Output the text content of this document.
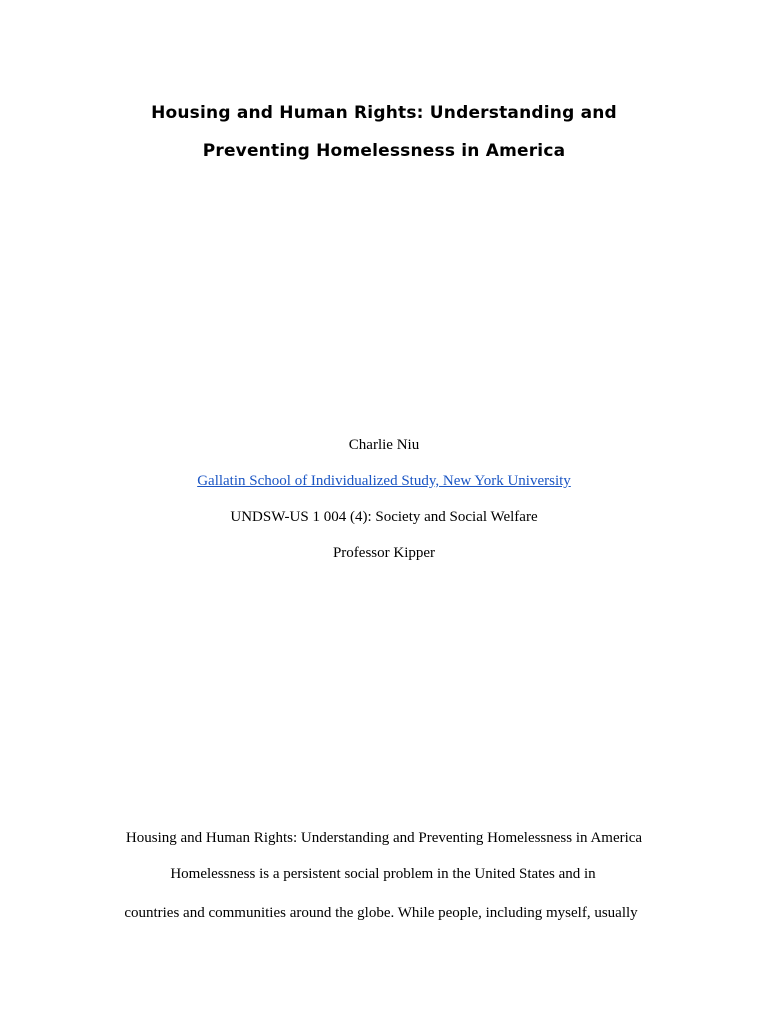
Housing and Human Rights: Understanding and
Preventing Homelessness in America
Charlie Niu
Gallatin School of Individualized Study, New York University
UNDSW-US 1 004 (4): Society and Social Welfare
Professor Kipper
Housing and Human Rights: Understanding and Preventing Homelessness in America
Homelessness is a persistent social problem in the United States and in
countries and communities around the globe. While people, including myself, usually
